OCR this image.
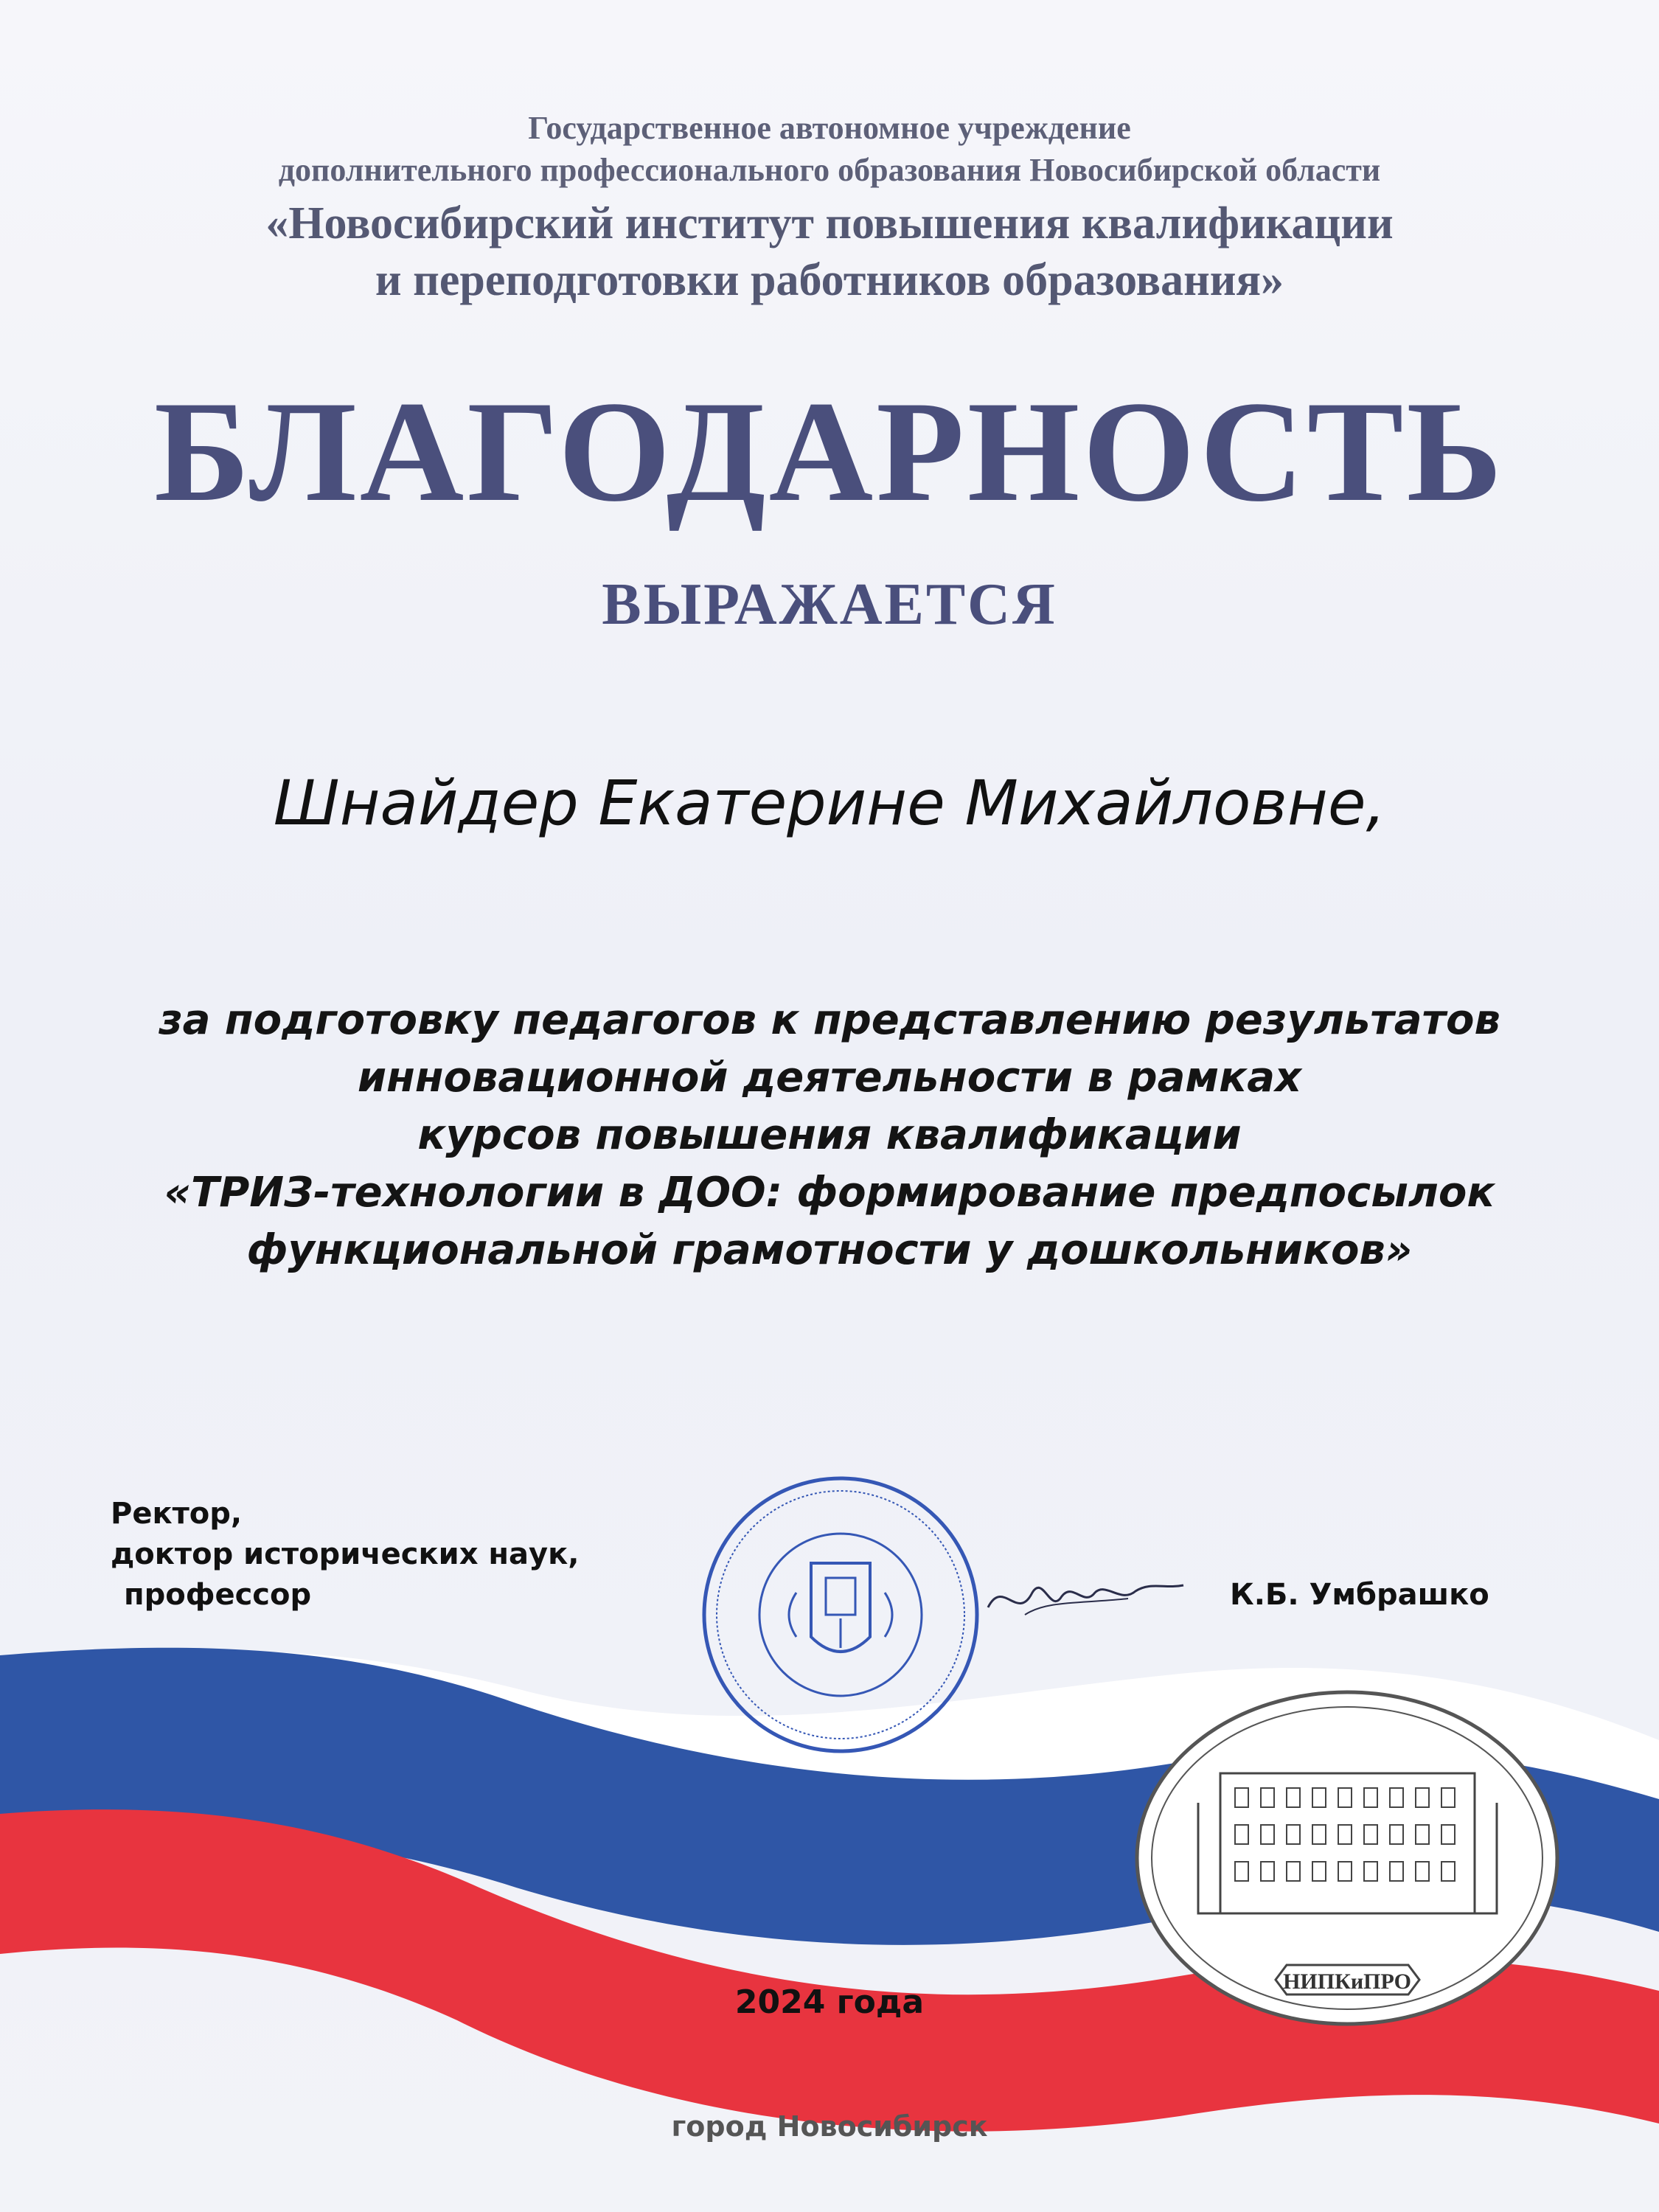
Государственное автономное учреждение
дополнительного профессионального образования Новосибирской области
«Новосибирский институт повышения квалификации
и переподготовки работников образования»
БЛАГОДАРНОСТЬ
ВЫРАЖАЕТСЯ
Шнайдер Екатерине Михайловне,
за подготовку педагогов к представлению результатов
инновационной деятельности в рамках
курсов повышения квалификации
«ТРИЗ-технологии в ДОО: формирование предпосылок
функциональной грамотности у дошкольников»
НИПКиПРО
Ректор,
доктор исторических наук,
профессор	К.Б. Умбрашко
2024 года
город Новосибирск
